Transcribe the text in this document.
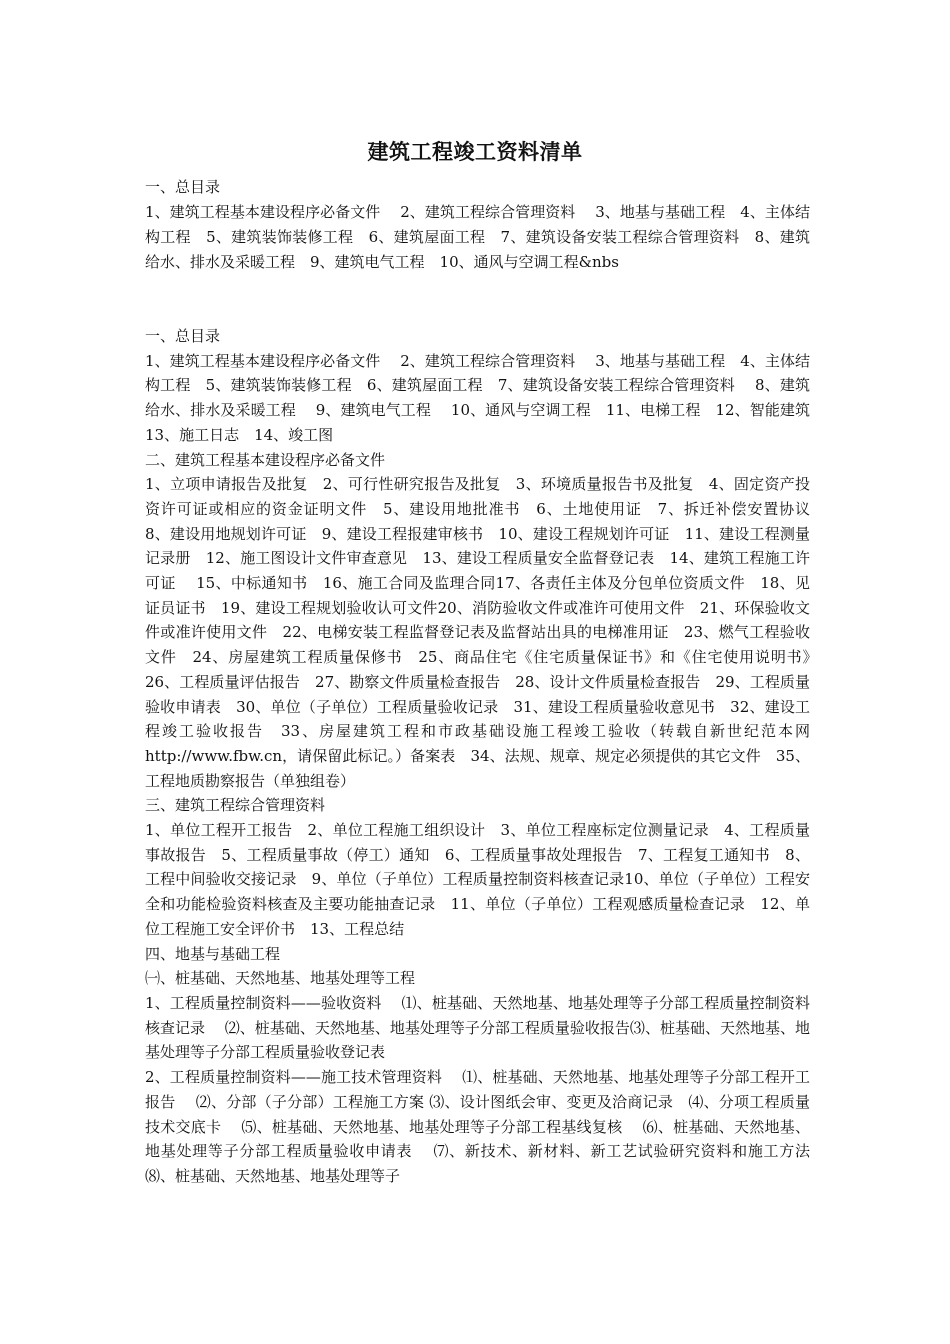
建筑工程竣工资料清单

一、总目录

1、建筑工程基本建设程序必备文件　 2、建筑工程综合管理资料　 3、地基与基础工程　4、主体结构工程　5、建筑装饰装修工程　6、建筑屋面工程　7、建筑设备安装工程综合管理资料　8、建筑给水、排水及采暖工程　9、建筑电气工程　10、通风与空调工程&nbs

一、总目录

1、建筑工程基本建设程序必备文件　 2、建筑工程综合管理资料　 3、地基与基础工程　4、主体结构工程　5、建筑装饰装修工程　6、建筑屋面工程　7、建筑设备安装工程综合管理资料　 8、建筑给水、排水及采暖工程　 9、建筑电气工程　 10、通风与空调工程　11、电梯工程　12、智能建筑　13、施工日志　14、竣工图

二、建筑工程基本建设程序必备文件

1、立项申请报告及批复　2、可行性研究报告及批复　3、环境质量报告书及批复　4、固定资产投资许可证或相应的资金证明文件　5、建设用地批准书　6、土地使用证　7、拆迁补偿安置协议　8、建设用地规划许可证　9、建设工程报建审核书　10、建设工程规划许可证　11、建设工程测量记录册　12、施工图设计文件审查意见　13、建设工程质量安全监督登记表　14、建筑工程施工许可证　 15、中标通知书　16、施工合同及监理合同17、各责任主体及分包单位资质文件　18、见证员证书　19、建设工程规划验收认可文件20、消防验收文件或准许可使用文件　21、环保验收文件或准许使用文件　22、电梯安装工程监督登记表及监督站出具的电梯准用证　23、燃气工程验收文件　24、房屋建筑工程质量保修书　25、商品住宅《住宅质量保证书》和《住宅使用说明书》　 26、工程质量评估报告　27、勘察文件质量检查报告　28、设计文件质量检查报告　29、工程质量验收申请表　30、单位（子单位）工程质量验收记录　31、建设工程质量验收意见书　32、建设工程竣工验收报告　33、房屋建筑工程和市政基础设施工程竣工验收（转载自新世纪范本网 http://www.fbw.cn，请保留此标记。）备案表　34、法规、规章、规定必须提供的其它文件　35、工程地质勘察报告（单独组卷）

三、建筑工程综合管理资料

1、单位工程开工报告　2、单位工程施工组织设计　3、单位工程座标定位测量记录　4、工程质量事故报告　5、工程质量事故（停工）通知　6、工程质量事故处理报告　7、工程复工通知书　8、工程中间验收交接记录　9、单位（子单位）工程质量控制资料核查记录10、单位（子单位）工程安全和功能检验资料核查及主要功能抽查记录　11、单位（子单位）工程观感质量检查记录　12、单位工程施工安全评价书　13、工程总结

四、地基与基础工程

㈠、桩基础、天然地基、地基处理等工程

1、工程质量控制资料——验收资料　 ⑴、桩基础、天然地基、地基处理等子分部工程质量控制资料核查记录　 ⑵、桩基础、天然地基、地基处理等子分部工程质量验收报告⑶、桩基础、天然地基、地基处理等子分部工程质量验收登记表

2、工程质量控制资料——施工技术管理资料　 ⑴、桩基础、天然地基、地基处理等子分部工程开工报告　 ⑵、分部（子分部）工程施工方案 ⑶、设计图纸会审、变更及洽商记录　⑷、分项工程质量技术交底卡　 ⑸、桩基础、天然地基、地基处理等子分部工程基线复核　 ⑹、桩基础、天然地基、地基处理等子分部工程质量验收申请表　 ⑺、新技术、新材料、新工艺试验研究资料和施工方法　 ⑻、桩基础、天然地基、地基处理等子
